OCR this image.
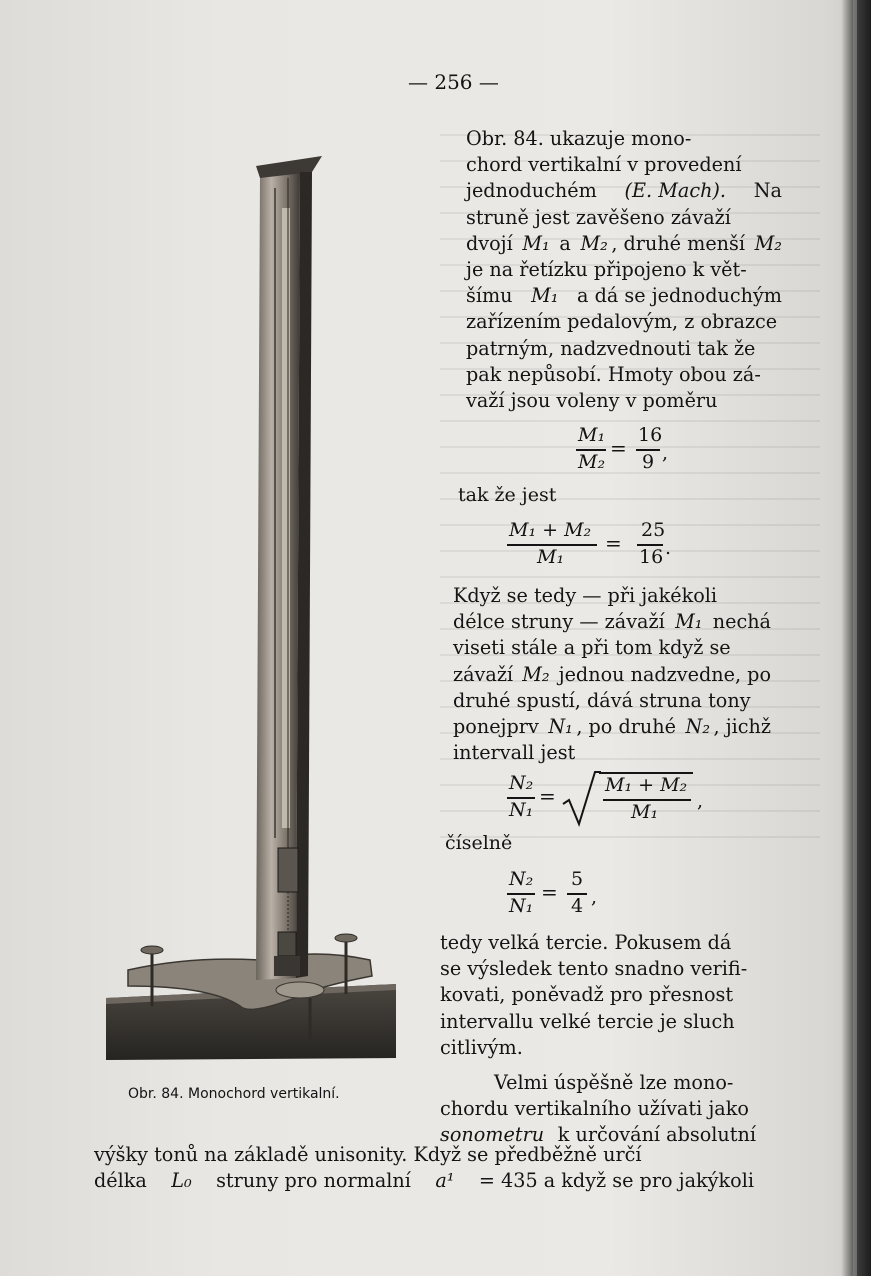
— 256 —
Obr. 84. ukazuje mono-
chord vertikalní v provedení
jednoduchém (E. Mach). Na
struně jest zavěšeno závaží
dvojí M₁ a M₂ , druhé menší M₂
je na řetízku připojeno k vět-
šímu M₁ a dá se jednoduchým
zařízením pedalovým, z obrazce
patrným, nadzvednouti tak že
pak nepůsobí. Hmoty obou zá-
važí jsou voleny v poměru
M₁
M₂
=
16
9 ,
tak že jest
M₁ + M₂
M₁
=
25
16 .
Když se tedy — při jakékoli
délce struny — závaží M₁ nechá
viseti stále a při tom když se
závaží M₂ jednou nadzvedne, po
druhé spustí, dává struna tony
ponejprv N₁ , po druhé N₂ , jichž
intervall jest
N₂
N₁
=	M₁ + M₂
M₁ ,
číselně
N₂
N₁
=
5
4 ,
tedy velká tercie. Pokusem dá
se výsledek tento snadno verifi-
kovati, poněvadž pro přesnost
intervallu velké tercie je sluch
citlivým.
Velmi úspěšně lze mono-
chordu vertikalního užívati jako
sonometru k určování absolutní
výšky tonů na základě unisonity. Když se předběžně určí
délka L₀ struny pro normalní a¹ = 435 a když se pro jakýkoli
Obr. 84. Monochord vertikalní.
